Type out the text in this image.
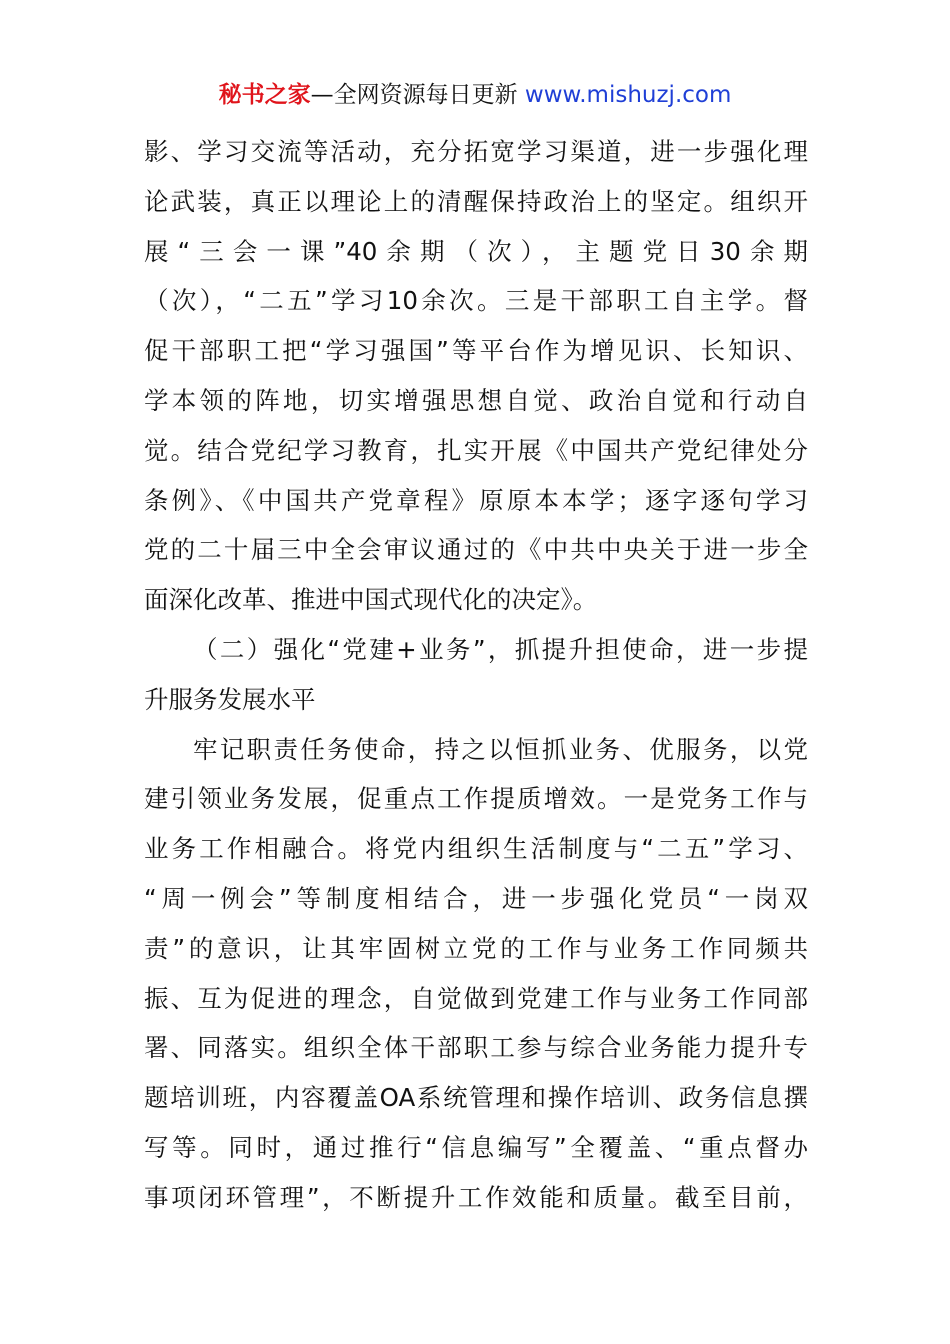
秘书之家—全网资源每日更新 www.mishuzj.com
影、学习交流等活动，充分拓宽学习渠道，进一步强化理
论武装，真正以理论上的清醒保持政治上的坚定。组织开
展“三会一课”40余期（次），主题党日30余期
（次），“二五”学习10余次。三是干部职工自主学。督
促干部职工把“学习强国”等平台作为增见识、长知识、
学本领的阵地，切实增强思想自觉、政治自觉和行动自
觉。结合党纪学习教育，扎实开展《中国共产党纪律处分
条例》、《中国共产党章程》原原本本学；逐字逐句学习
党的二十届三中全会审议通过的《中共中央关于进一步全
面深化改革、推进中国式现代化的决定》。
（二）强化“党建+业务”，抓提升担使命，进一步提
升服务发展水平
牢记职责任务使命，持之以恒抓业务、优服务，以党
建引领业务发展，促重点工作提质增效。一是党务工作与
业务工作相融合。将党内组织生活制度与“二五”学习、
“周一例会”等制度相结合，进一步强化党员“一岗双
责”的意识，让其牢固树立党的工作与业务工作同频共
振、互为促进的理念，自觉做到党建工作与业务工作同部
署、同落实。组织全体干部职工参与综合业务能力提升专
题培训班，内容覆盖OA系统管理和操作培训、政务信息撰
写等。同时，通过推行“信息编写”全覆盖、“重点督办
事项闭环管理”，不断提升工作效能和质量。截至目前，
